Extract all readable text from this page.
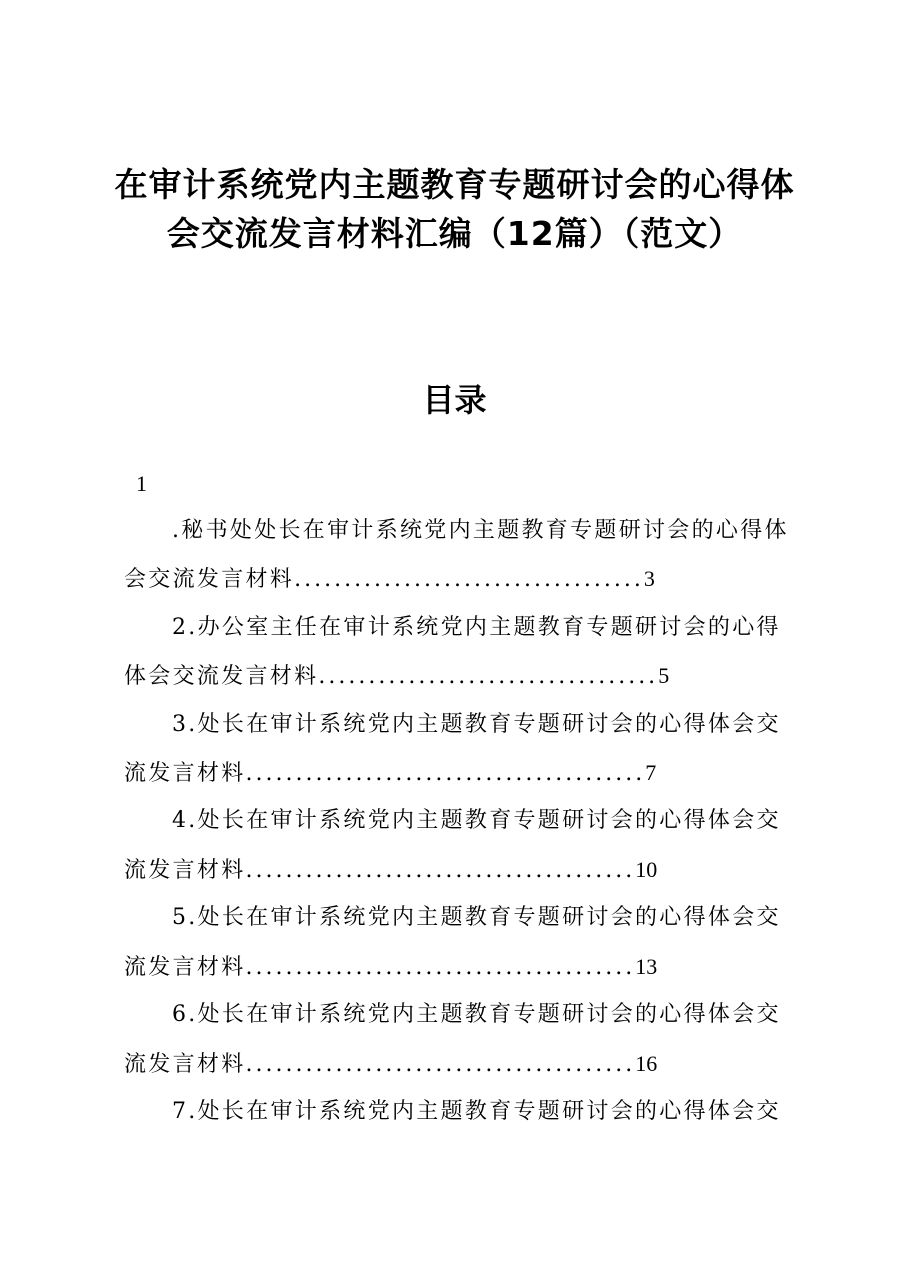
在审计系统党内主题教育专题研讨会的心得体
会交流发言材料汇编（12篇）（范文）
目录
1
.秘书处处长在审计系统党内主题教育专题研讨会的心得体
会交流发言材料...................................3
2.办公室主任在审计系统党内主题教育专题研讨会的心得
体会交流发言材料..................................5
3.处长在审计系统党内主题教育专题研讨会的心得体会交
流发言材料........................................7
4.处长在审计系统党内主题教育专题研讨会的心得体会交
流发言材料.......................................10
5.处长在审计系统党内主题教育专题研讨会的心得体会交
流发言材料.......................................13
6.处长在审计系统党内主题教育专题研讨会的心得体会交
流发言材料.......................................16
7.处长在审计系统党内主题教育专题研讨会的心得体会交
